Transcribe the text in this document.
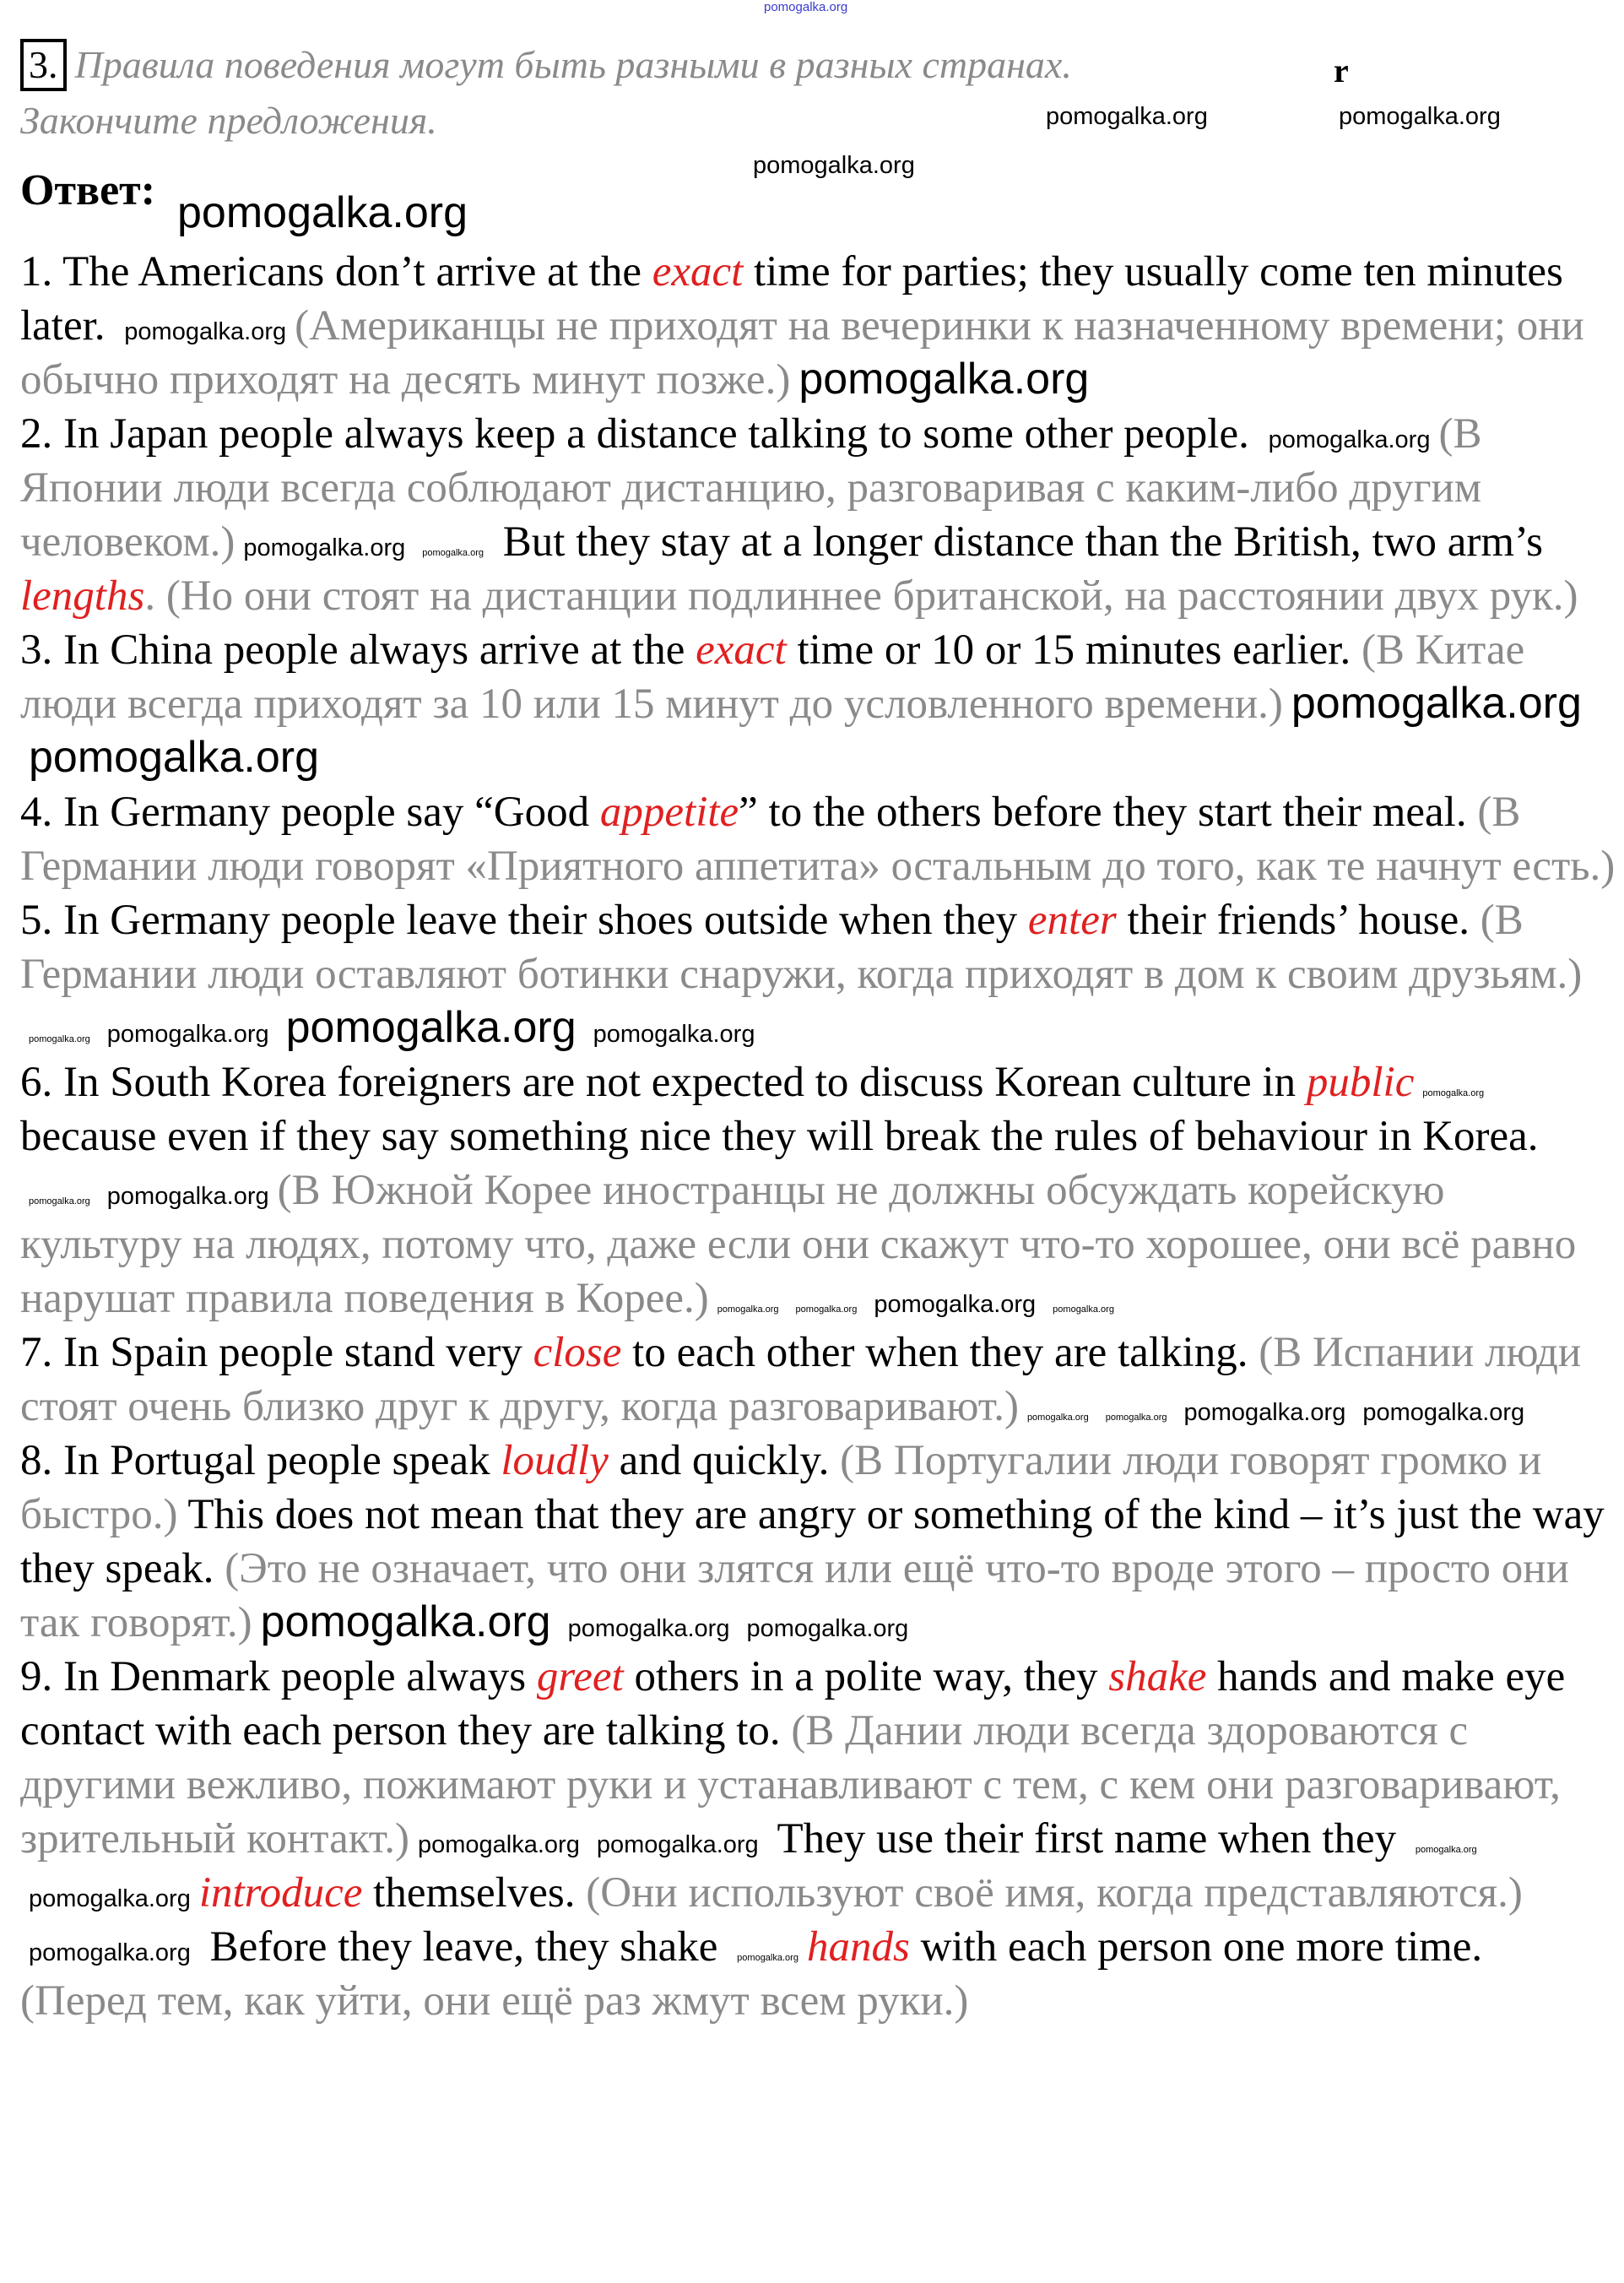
pomogalka.org
r
3. Правила поведения могут быть разными в разных странах.
Закончите предложения.
Ответ:
pomogalka.org	pomogalka.org
pomogalka.org
pomogalka.org

1. The Americans don’t arrive at the exact time for parties; they usually come ten minutes later. pomogalka.org (Американцы не приходят на вечеринки к назначенному времени; они обычно приходят на десять минут позже.) pomogalka.org

2. In Japan people always keep a distance talking to some other people. pomogalka.org (В Японии люди всегда соблюдают дистанцию, разговаривая с каким-либо другим человеком.) pomogalka.org pomogalka.org But they stay at a longer distance than the British, two arm’s lengths. (Но они стоят на дистанции подлиннее британской, на расстоянии двух рук.)

3. In China people always arrive at the exact time or 10 or 15 minutes earlier. (В Китае люди всегда приходят за 10 или 15 минут до условленного времени.) pomogalka.orgpomogalka.org

4. In Germany people say “Good appetite” to the others before they start their meal. (В Германии люди говорят «Приятного аппетита» остальным до того, как те начнут есть.)

5. In Germany people leave their shoes outside when they enter their friends’ house. (В Германии люди оставляют ботинки снаружи, когда приходят в дом к своим друзьям.)pomogalka.org pomogalka.org pomogalka.org pomogalka.org

6. In South Korea foreigners are not expected to discuss Korean culture in public pomogalka.org because even if they say something nice they will break the rules of behaviour in Korea. pomogalka.org pomogalka.org (В Южной Корее иностранцы не должны обсуждать корейскую культуру на людях, потому что, даже если они скажут что-то хорошее, они всё равно нарушат правила поведения в Корее.) pomogalka.org pomogalka.org pomogalka.org pomogalka.org

7. In Spain people stand very close to each other when they are talking. (В Испании люди стоят очень близко друг к другу, когда разговаривают.) pomogalka.org pomogalka.org pomogalka.org pomogalka.org

8. In Portugal people speak loudly and quickly. (В Португалии люди говорят громко и быстро.) This does not mean that they are angry or something of the kind – it’s just the way they speak. (Это не означает, что они злятся или ещё что-то вроде этого – просто они так говорят.) pomogalka.org pomogalka.org pomogalka.org

9. In Denmark people always greet others in a polite way, they shake hands and make eye contact with each person they are talking to. (В Дании люди всегда здороваются с другими вежливо, пожимают руки и устанавливают с тем, с кем они разговаривают, зрительный контакт.) pomogalka.org pomogalka.org They use their first name when they pomogalka.orgpomogalka.org introduce themselves. (Они используют своё имя, когда представляются.)pomogalka.org Before they leave, they shake pomogalka.org hands with each person one more time. (Перед тем, как уйти, они ещё раз жмут всем руки.)
